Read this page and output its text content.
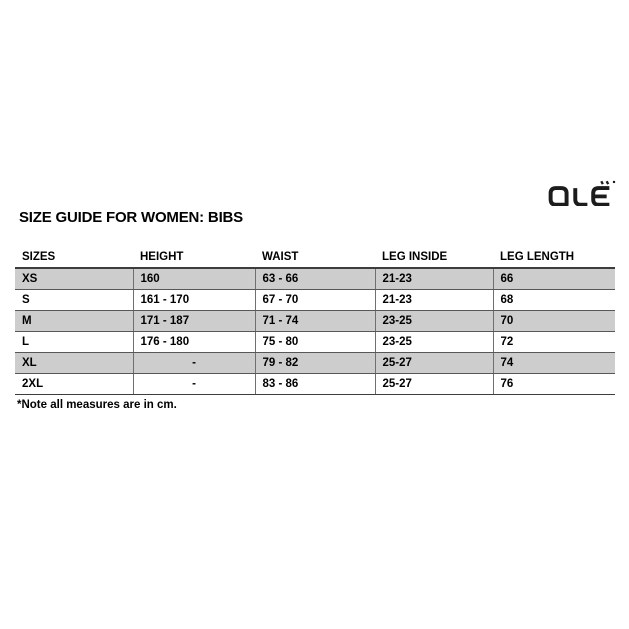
SIZE GUIDE FOR WOMEN: BIBS
SIZES	HEIGHT	WAIST	LEG INSIDE	LEG LENGTH
XS	160	63 - 66	21-23	66
S	161 - 170	67 - 70	21-23	68
M	171 - 187	71 - 74	23-25	70
L	176 - 180	75 - 80	23-25	72
XL	-	79 - 82	25-27	74
2XL	-	83 - 86	25-27	76
*Note all measures are in cm.
